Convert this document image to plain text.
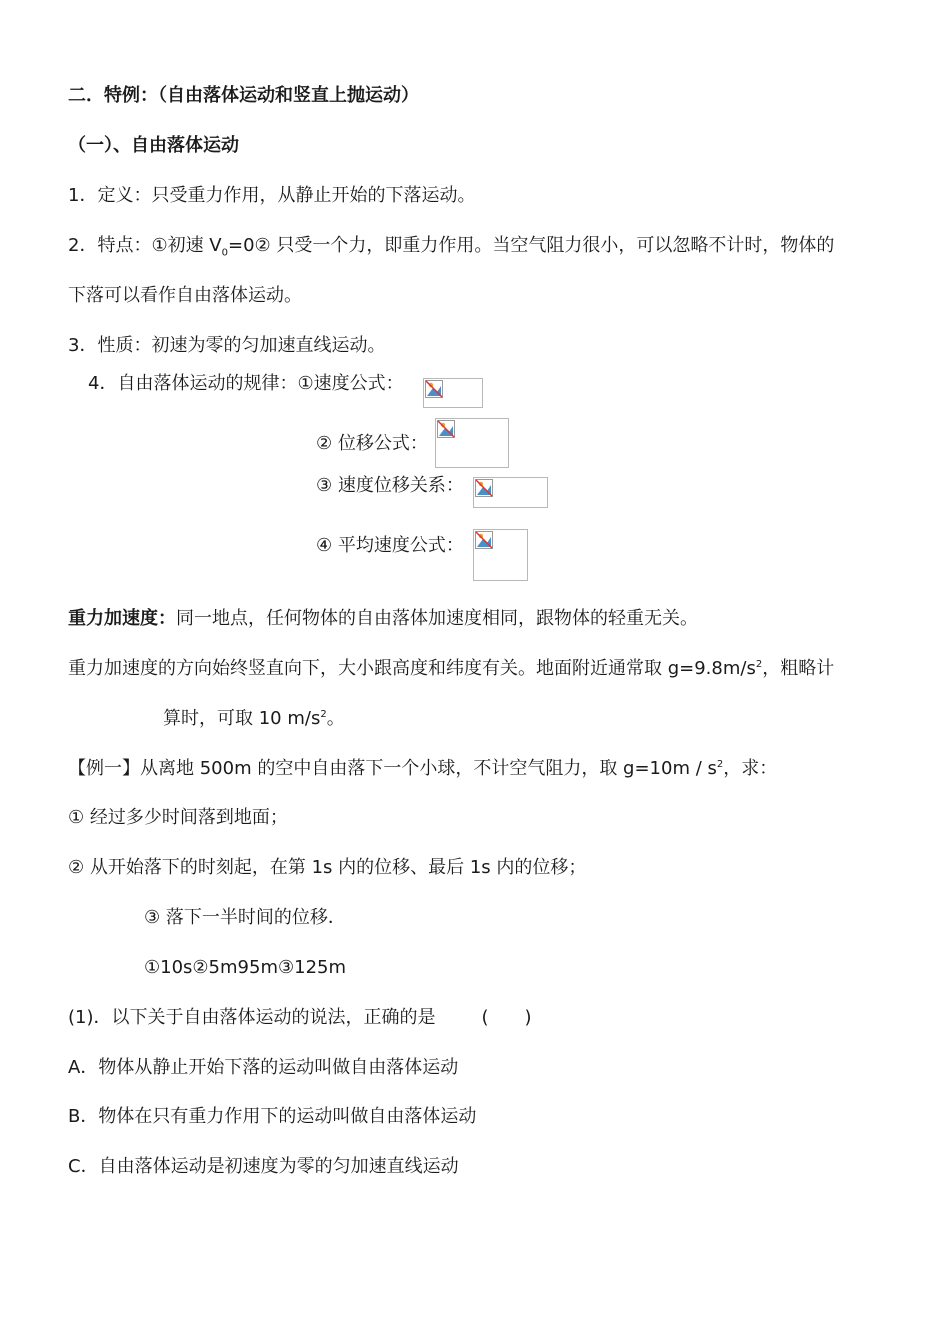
二．特例：（自由落体运动和竖直上抛运动）
（一）、自由落体运动
1．定义：只受重力作用，从静止开始的下落运动。
2．特点：①初速 $V_0=0②$ 只受一个力，即重力作用。当空气阻力很小，可以忽略不计时，物体的
下落可以看作自由落体运动。
3．性质：初速为零的匀加速直线运动。
4．自由落体运动的规律：①速度公式：
② 位移公式：
③ 速度位移关系：
④ 平均速度公式：
重力加速度：同一地点，任何物体的自由落体加速度相同，跟物体的轻重无关。
重力加速度的方向始终竖直向下，大小跟高度和纬度有关。地面附近通常取 $g=9.8m/s^2$，粗略计
算时，可取 10 $m/s^2$。
【例一】从离地 500m 的空中自由落下一个小球，不计空气阻力，取 $g=10m / s^2$，求：
① 经过多少时间落到地面；
② 从开始落下的时刻起，在第 1s 内的位移、最后 1s 内的位移；
③ 落下一半时间的位移．
①10s②5m95m③125m
(1)．以下关于自由落体运动的说法，正确的是	(　　)
A．物体从静止开始下落的运动叫做自由落体运动
B．物体在只有重力作用下的运动叫做自由落体运动
C．自由落体运动是初速度为零的匀加速直线运动
